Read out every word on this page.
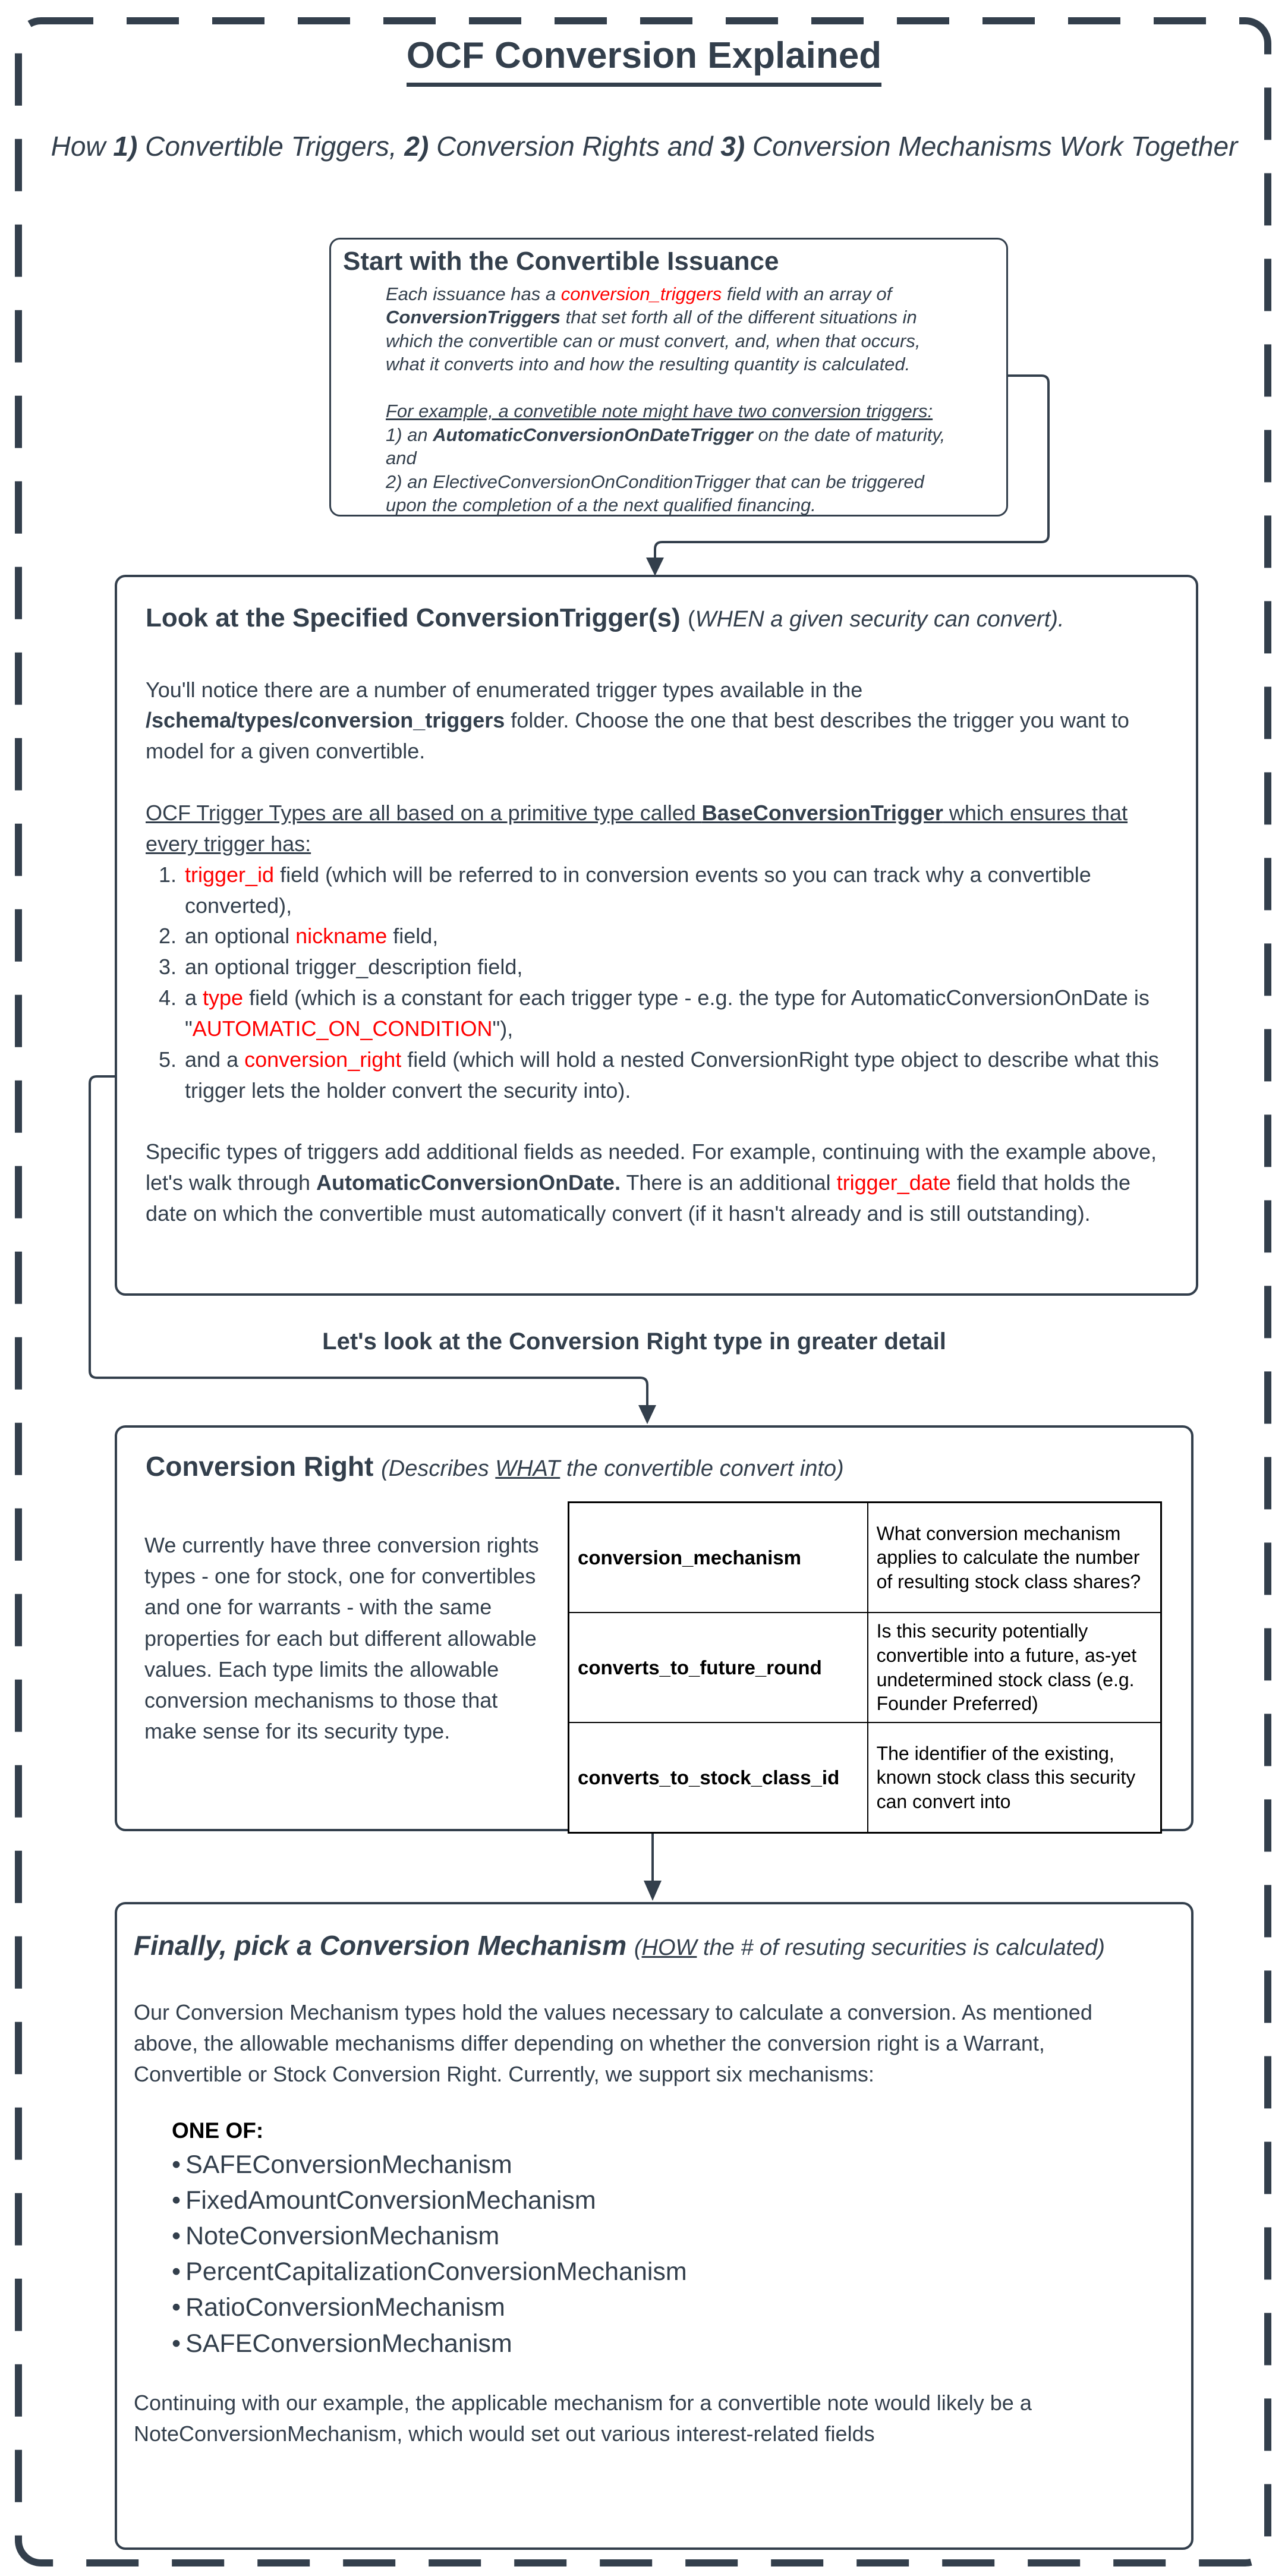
OCF Conversion Explained
How 1) Convertible Triggers, 2) Conversion Rights and 3) Conversion Mechanisms Work Together
Start with the Convertible Issuance
Each issuance has a conversion_triggers field with an array of ConversionTriggers that set forth all of the different situations in which the convertible can or must convert, and, when that occurs, what it converts into and how the resulting quantity is calculated.
For example, a convetible note might have two conversion triggers:
1) an AutomaticConversionOnDateTrigger on the date of maturity, and
2) an ElectiveConversionOnConditionTrigger that can be triggered upon the completion of a the next qualified financing.
Look at the Specified ConversionTrigger(s) (WHEN a given security can convert).
You'll notice there are a number of enumerated trigger types available in the /schema/types/conversion_triggers folder. Choose the one that best describes the trigger you want to model for a given convertible.
OCF Trigger Types are all based on a primitive type called BaseConversionTrigger which ensures that every trigger has:
1. trigger_id field (which will be referred to in conversion events so you can track why a convertible converted),
2. an optional nickname field,
3. an optional trigger_description field,
4. a type field (which is a constant for each trigger type - e.g. the type for AutomaticConversionOnDate is "AUTOMATIC_ON_CONDITION"),
5. and a conversion_right field (which will hold a nested ConversionRight type object to describe what this trigger lets the holder convert the security into).
Specific types of triggers add additional fields as needed. For example, continuing with the example above, let's walk through AutomaticConversionOnDate. There is an additional trigger_date field that holds the date on which the convertible must automatically convert (if it hasn't already and is still outstanding).
Let's look at the Conversion Right type in greater detail
Conversion Right (Describes WHAT the convertible convert into)
We currently have three conversion rights types - one for stock, one for convertibles and one for warrants - with the same properties for each but different allowable values. Each type limits the allowable conversion mechanisms to those that make sense for its security type.
conversion_mechanism	What conversion mechanism applies to calculate the number of resulting stock class shares?
converts_to_future_round	Is this security potentially convertible into a future, as-yet undetermined stock class (e.g. Founder Preferred)
converts_to_stock_class_id	The identifier of the existing, known stock class this security can convert into
Finally, pick a Conversion Mechanism (HOW the # of resuting securities is calculated)
Our Conversion Mechanism types hold the values necessary to calculate a conversion. As mentioned above, the allowable mechanisms differ depending on whether the conversion right is a Warrant, Convertible or Stock Conversion Right. Currently, we support six mechanisms:
ONE OF:
• SAFEConversionMechanism
• FixedAmountConversionMechanism
• NoteConversionMechanism
• PercentCapitalizationConversionMechanism
• RatioConversionMechanism
• SAFEConversionMechanism
Continuing with our example, the applicable mechanism for a convertible note would likely be a NoteConversionMechanism, which would set out various interest-related fields
